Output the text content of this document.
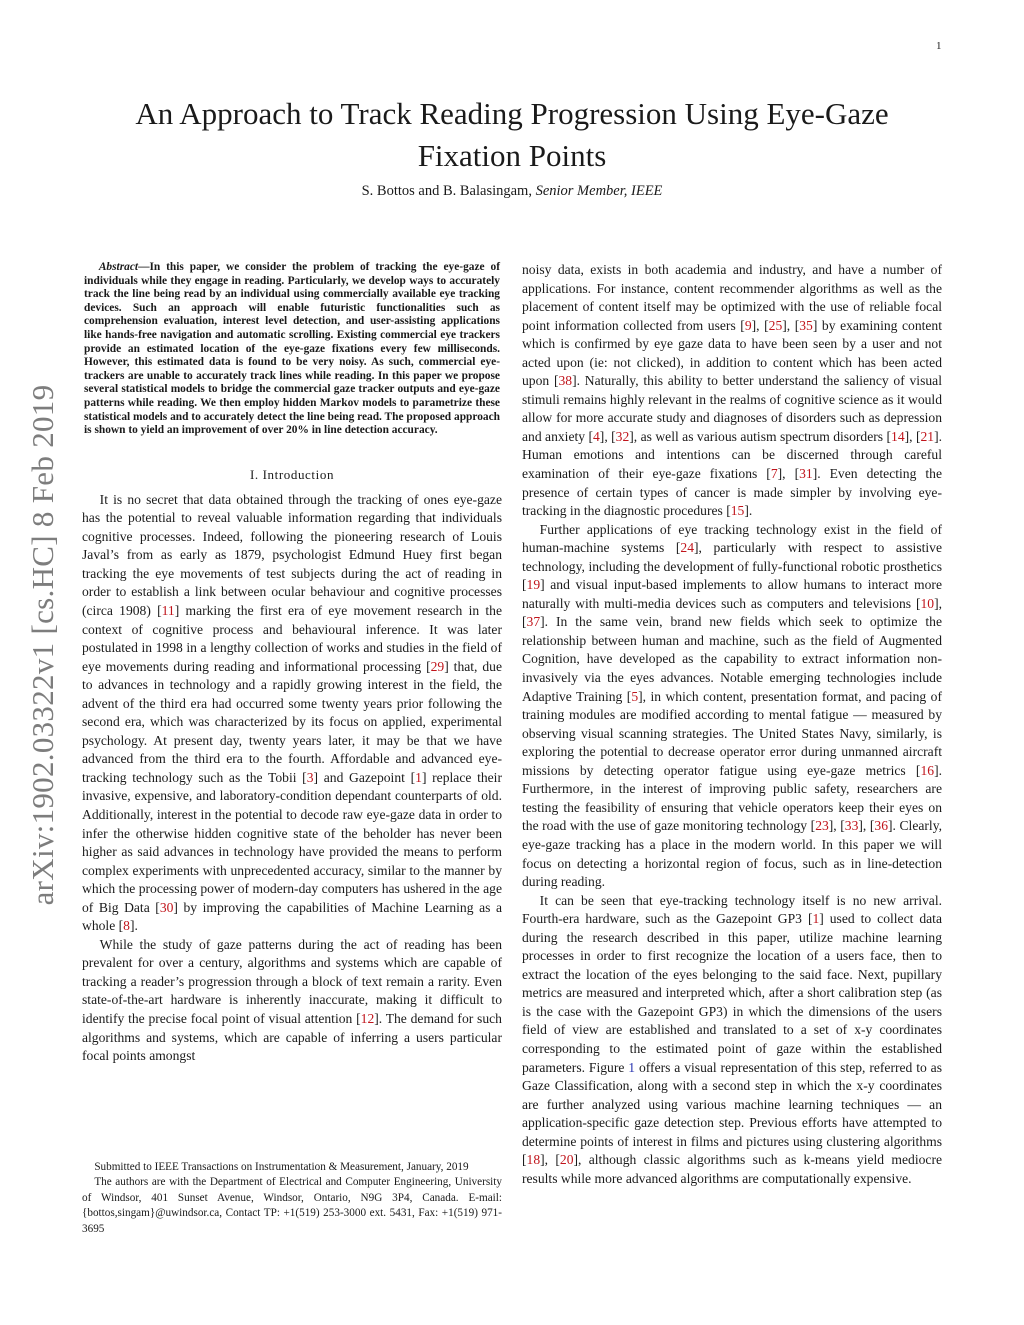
1
arXiv:1902.03322v1 [cs.HC] 8 Feb 2019
An Approach to Track Reading Progression Using Eye-Gaze Fixation Points
S. Bottos and B. Balasingam, Senior Member, IEEE

Abstract—In this paper, we consider the problem of tracking the eye-gaze of individuals while they engage in reading. Particularly, we develop ways to accurately track the line being read by an individual using commercially available eye tracking devices. Such an approach will enable futuristic functionalities such as comprehension evaluation, interest level detection, and user-assisting applications like hands-free navigation and automatic scrolling. Existing commercial eye trackers provide an estimated location of the eye-gaze fixations every few milliseconds. However, this estimated data is found to be very noisy. As such, commercial eye-trackers are unable to accurately track lines while reading. In this paper we propose several statistical models to bridge the commercial gaze tracker outputs and eye-gaze patterns while reading. We then employ hidden Markov models to parametrize these statistical models and to accurately detect the line being read. The proposed approach is shown to yield an improvement of over 20% in line detection accuracy.

I. Introduction

It is no secret that data obtained through the tracking of ones eye-gaze has the potential to reveal valuable information regarding that individuals cognitive processes. Indeed, following the pioneering research of Louis Javal’s from as early as 1879, psychologist Edmund Huey first began tracking the eye movements of test subjects during the act of reading in order to establish a link between ocular behaviour and cognitive processes (circa 1908) [11] marking the first era of eye movement research in the context of cognitive process and behavioural inference. It was later postulated in 1998 in a lengthy collection of works and studies in the field of eye movements during reading and informational processing [29] that, due to advances in technology and a rapidly growing interest in the field, the advent of the third era had occurred some twenty years prior following the second era, which was characterized by its focus on applied, experimental psychology. At present day, twenty years later, it may be that we have advanced from the third era to the fourth. Affordable and advanced eye-tracking technology such as the Tobii [3] and Gazepoint [1] replace their invasive, expensive, and laboratory-condition dependant counterparts of old. Additionally, interest in the potential to decode raw eye-gaze data in order to infer the otherwise hidden cognitive state of the beholder has never been higher as said advances in technology have provided the means to perform complex experiments with unprecedented accuracy, similar to the manner by which the processing power of modern-day computers has ushered in the age of Big Data [30] by improving the capabilities of Machine Learning as a whole [8].

While the study of gaze patterns during the act of reading has been prevalent for over a century, algorithms and systems which are capable of tracking a reader’s progression through a block of text remain a rarity. Even state-of-the-art hardware is inherently inaccurate, making it difficult to identify the precise focal point of visual attention [12]. The demand for such algorithms and systems, which are capable of inferring a users particular focal points amongst

noisy data, exists in both academia and industry, and have a number of applications. For instance, content recommender algorithms as well as the placement of content itself may be optimized with the use of reliable focal point information collected from users [9], [25], [35] by examining content which is confirmed by eye gaze data to have been seen by a user and not acted upon (ie: not clicked), in addition to content which has been acted upon [38]. Naturally, this ability to better understand the saliency of visual stimuli remains highly relevant in the realms of cognitive science as it would allow for more accurate study and diagnoses of disorders such as depression and anxiety [4], [32], as well as various autism spectrum disorders [14], [21]. Human emotions and intentions can be discerned through careful examination of their eye-gaze fixations [7], [31]. Even detecting the presence of certain types of cancer is made simpler by involving eye-tracking in the diagnostic procedures [15].

Further applications of eye tracking technology exist in the field of human-machine systems [24], particularly with respect to assistive technology, including the development of fully-functional robotic prosthetics [19] and visual input-based implements to allow humans to interact more naturally with multi-media devices such as computers and televisions [10], [37]. In the same vein, brand new fields which seek to optimize the relationship between human and machine, such as the field of Augmented Cognition, have developed as the capability to extract information non-invasively via the eyes advances. Notable emerging technologies include Adaptive Training [5], in which content, presentation format, and pacing of training modules are modified according to mental fatigue — measured by observing visual scanning strategies. The United States Navy, similarly, is exploring the potential to decrease operator error during unmanned aircraft missions by detecting operator fatigue using eye-gaze metrics [16]. Furthermore, in the interest of improving public safety, researchers are testing the feasibility of ensuring that vehicle operators keep their eyes on the road with the use of gaze monitoring technology [23], [33], [36]. Clearly, eye-gaze tracking has a place in the modern world. In this paper we will focus on detecting a horizontal region of focus, such as in line-detection during reading.

It can be seen that eye-tracking technology itself is no new arrival. Fourth-era hardware, such as the Gazepoint GP3 [1] used to collect data during the research described in this paper, utilize machine learning processes in order to first recognize the location of a users face, then to extract the location of the eyes belonging to the said face. Next, pupillary metrics are measured and interpreted which, after a short calibration step (as is the case with the Gazepoint GP3) in which the dimensions of the users field of view are established and translated to a set of x-y coordinates corresponding to the estimated point of gaze within the established parameters. Figure 1 offers a visual representation of this step, referred to as Gaze Classification, along with a second step in which the x-y coordinates are further analyzed using various machine learning techniques — an application-specific gaze detection step. Previous efforts have attempted to determine points of interest in films and pictures using clustering algorithms [18], [20], although classic algorithms such as k-means yield mediocre results while more advanced algorithms are computationally expensive.

Submitted to IEEE Transactions on Instrumentation & Measurement, January, 2019

The authors are with the Department of Electrical and Computer Engineering, University of Windsor, 401 Sunset Avenue, Windsor, Ontario, N9G 3P4, Canada. E-mail: {bottos,singam}@uwindsor.ca, Contact TP: +1(519) 253-3000 ext. 5431, Fax: +1(519) 971-3695
